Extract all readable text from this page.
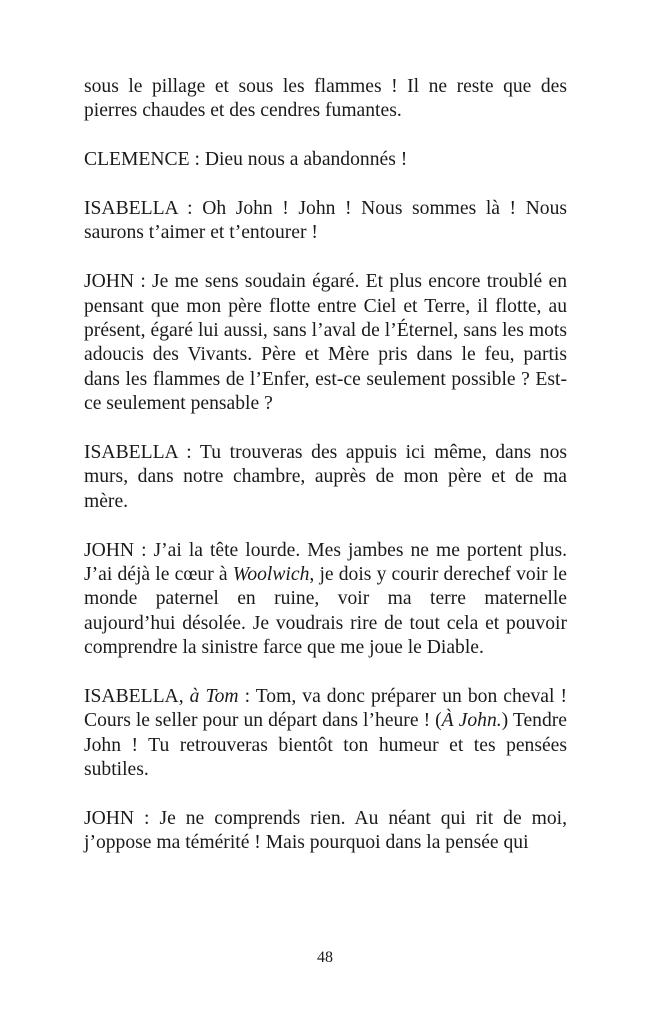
sous le pillage et sous les flammes ! Il ne reste que des pierres chaudes et des cendres fumantes.

CLEMENCE : Dieu nous a abandonnés !

ISABELLA : Oh John ! John ! Nous sommes là ! Nous saurons t’aimer et t’entourer !

JOHN : Je me sens soudain égaré. Et plus encore troublé en pensant que mon père flotte entre Ciel et Terre, il flotte, au présent, égaré lui aussi, sans l’aval de l’Éternel, sans les mots adoucis des Vivants. Père et Mère pris dans le feu, partis dans les flammes de l’Enfer, est-ce seulement possible ? Est-ce seulement pensable ?

ISABELLA : Tu trouveras des appuis ici même, dans nos murs, dans notre chambre, auprès de mon père et de ma mère.

JOHN : J’ai la tête lourde. Mes jambes ne me portent plus. J’ai déjà le cœur à Woolwich, je dois y courir derechef voir le monde paternel en ruine, voir ma terre maternelle aujourd’hui désolée. Je voudrais rire de tout cela et pouvoir comprendre la sinistre farce que me joue le Diable.

ISABELLA, à Tom : Tom, va donc préparer un bon cheval ! Cours le seller pour un départ dans l’heure ! (À John.) Tendre John ! Tu retrouveras bientôt ton humeur et tes pensées subtiles.

JOHN : Je ne comprends rien. Au néant qui rit de moi, j’oppose ma témérité ! Mais pourquoi dans la pensée qui

48
